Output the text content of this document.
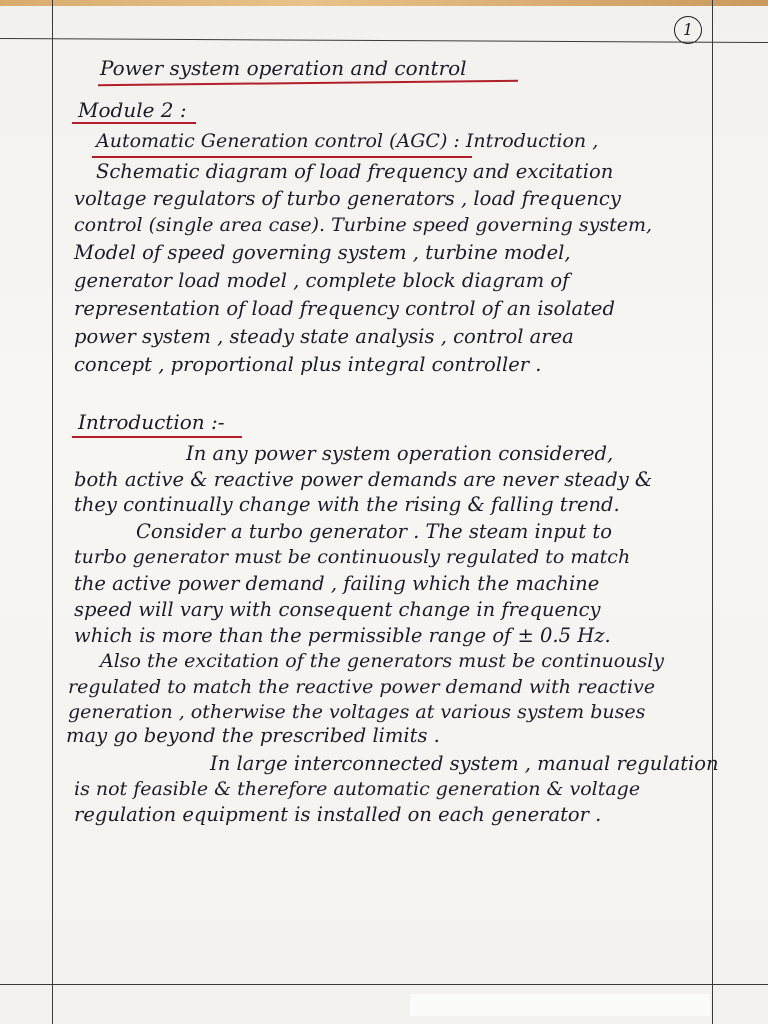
1
Power system operation and control
Module 2 :
Automatic Generation control (AGC) : Introduction ,
Schematic diagram of load frequency and excitation
voltage regulators of turbo generators , load frequency
control (single area case). Turbine speed governing system,
Model of speed governing system , turbine model,
generator load model , complete block diagram of
representation of load frequency control of an isolated
power system , steady state analysis , control area
concept , proportional plus integral controller .
Introduction :-
In any power system operation considered,
both active & reactive power demands are never steady &
they continually change with the rising & falling trend.
Consider a turbo generator . The steam input to
turbo generator must be continuously regulated to match
the active power demand , failing which the machine
speed will vary with consequent change in frequency
which is more than the permissible range of ± 0.5 Hz.
Also the excitation of the generators must be continuously
regulated to match the reactive power demand with reactive
generation , otherwise the voltages at various system buses
may go beyond the prescribed limits .
In large interconnected system , manual regulation
is not feasible & therefore automatic generation & voltage
regulation equipment is installed on each generator .
